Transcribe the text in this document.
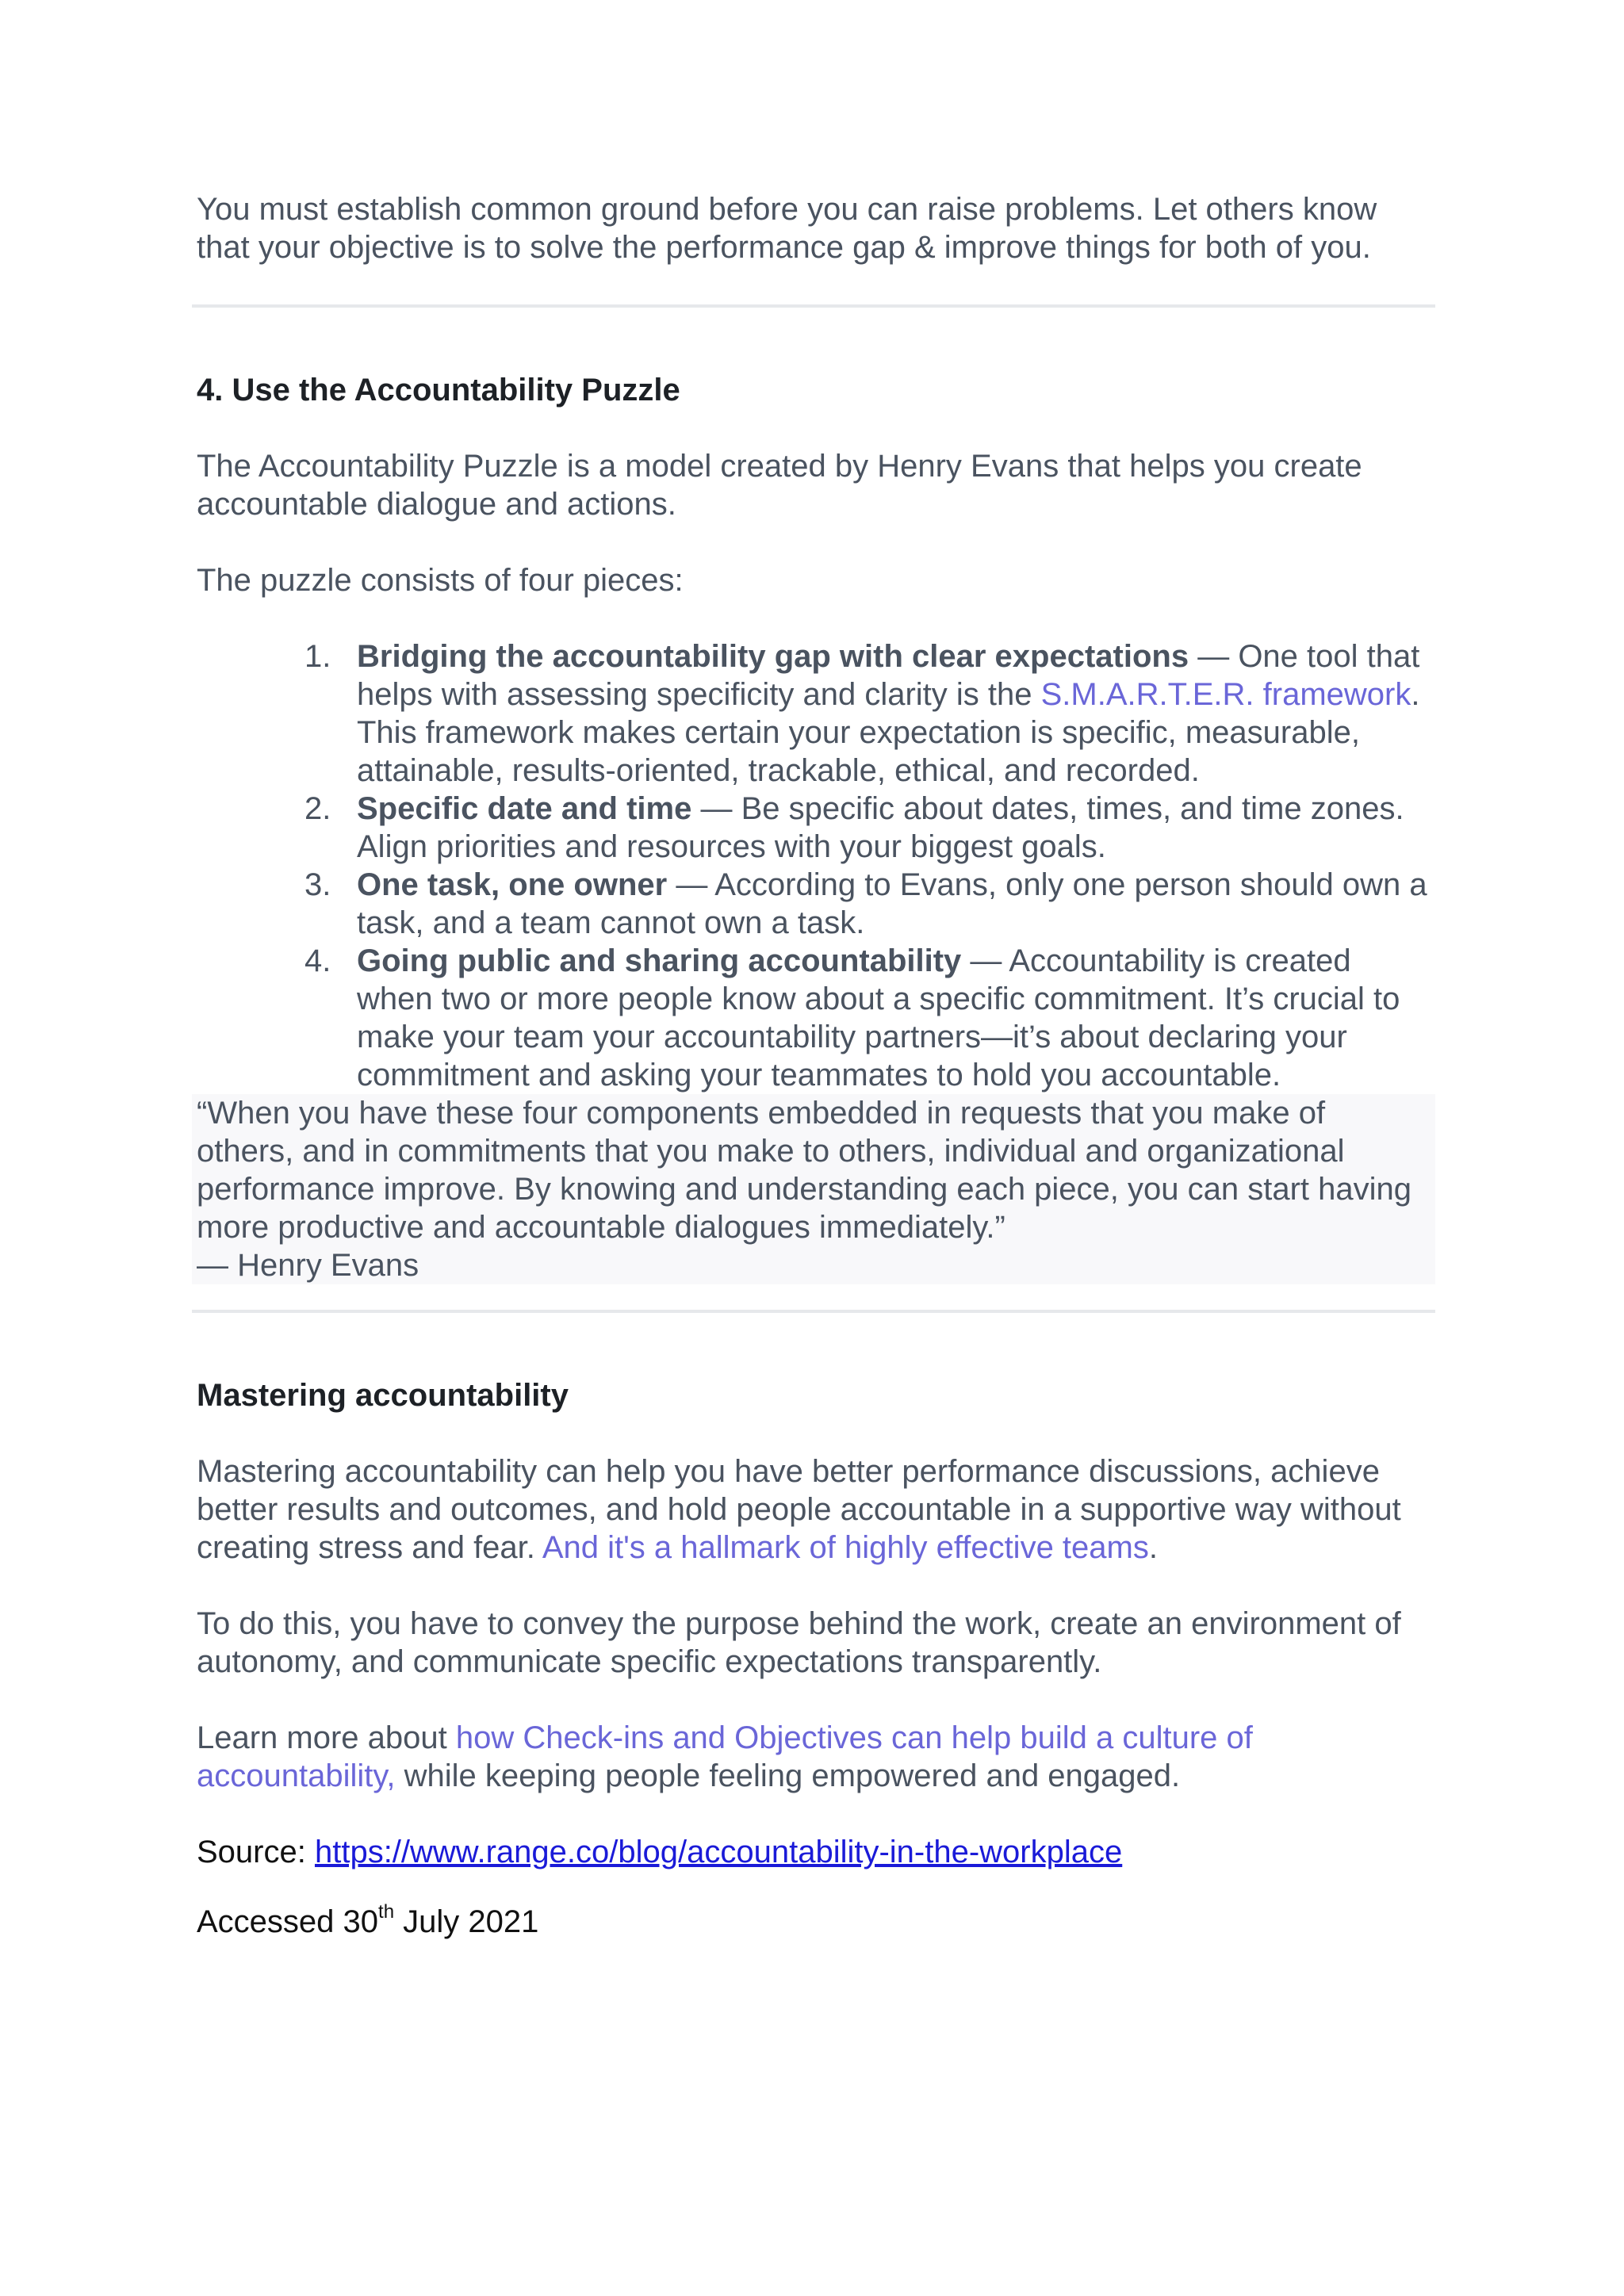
You must establish common ground before you can raise problems. Let others know that your objective is to solve the performance gap & improve things for both of you.

4. Use the Accountability Puzzle

The Accountability Puzzle is a model created by Henry Evans that helps you create accountable dialogue and actions.

The puzzle consists of four pieces:

1. Bridging the accountability gap with clear expectations — One tool that helps with assessing specificity and clarity is the S.M.A.R.T.E.R. framework. This framework makes certain your expectation is specific, measurable, attainable, results-oriented, trackable, ethical, and recorded.
2. Specific date and time — Be specific about dates, times, and time zones. Align priorities and resources with your biggest goals.
3. One task, one owner — According to Evans, only one person should own a task, and a team cannot own a task.
4. Going public and sharing accountability — Accountability is created when two or more people know about a specific commitment. It’s crucial to make your team your accountability partners—it’s about declaring your commitment and asking your teammates to hold you accountable.
“When you have these four components embedded in requests that you make of others, and in commitments that you make to others, individual and organizational performance improve. By knowing and understanding each piece, you can start having more productive and accountable dialogues immediately.”
— Henry Evans
Mastering accountability

Mastering accountability can help you have better performance discussions, achieve better results and outcomes, and hold people accountable in a supportive way without creating stress and fear. And it's a hallmark of highly effective teams.

To do this, you have to convey the purpose behind the work, create an environment of autonomy, and communicate specific expectations transparently.

Learn more about how Check-ins and Objectives can help build a culture of accountability, while keeping people feeling empowered and engaged.

Source: https://www.range.co/blog/accountability-in-the-workplace

Accessed 30th July 2021
